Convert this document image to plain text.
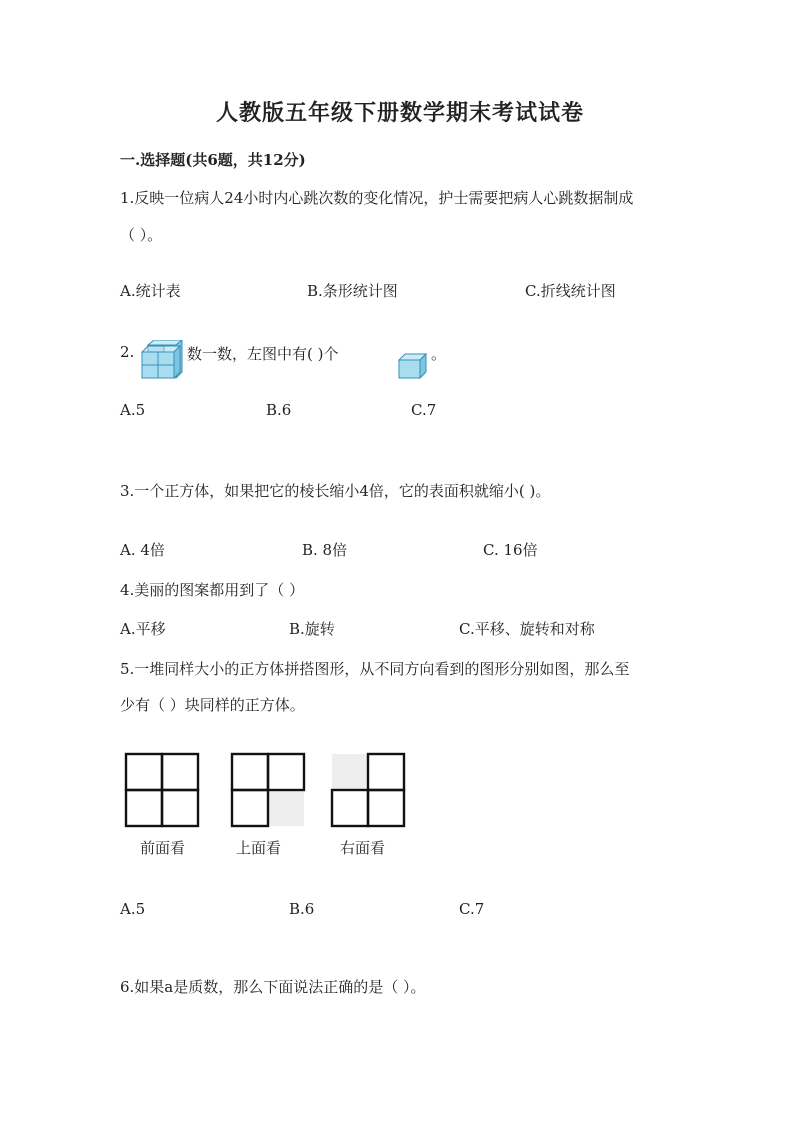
人教版五年级下册数学期末考试试卷
一.选择题(共6题，共12分)
1.反映一位病人24小时内心跳次数的变化情况，护士需要把病人心跳数据制成
（ ）。
A.统计表	B.条形统计图	C.折线统计图
2.	数一数，左图中有( )个	。
A.5	B.6	C.7
3.一个正方体，如果把它的棱长缩小4倍，它的表面积就缩小( )。
A. 4倍	B. 8倍	C. 16倍
4.美丽的图案都用到了（ ）
A.平移	B.旋转	C.平移、旋转和对称
5.一堆同样大小的正方体拼搭图形，从不同方向看到的图形分别如图，那么至
少有（ ）块同样的正方体。
前面看	上面看	右面看
A.5	B.6	C.7
6.如果a是质数，那么下面说法正确的是（ ）。
